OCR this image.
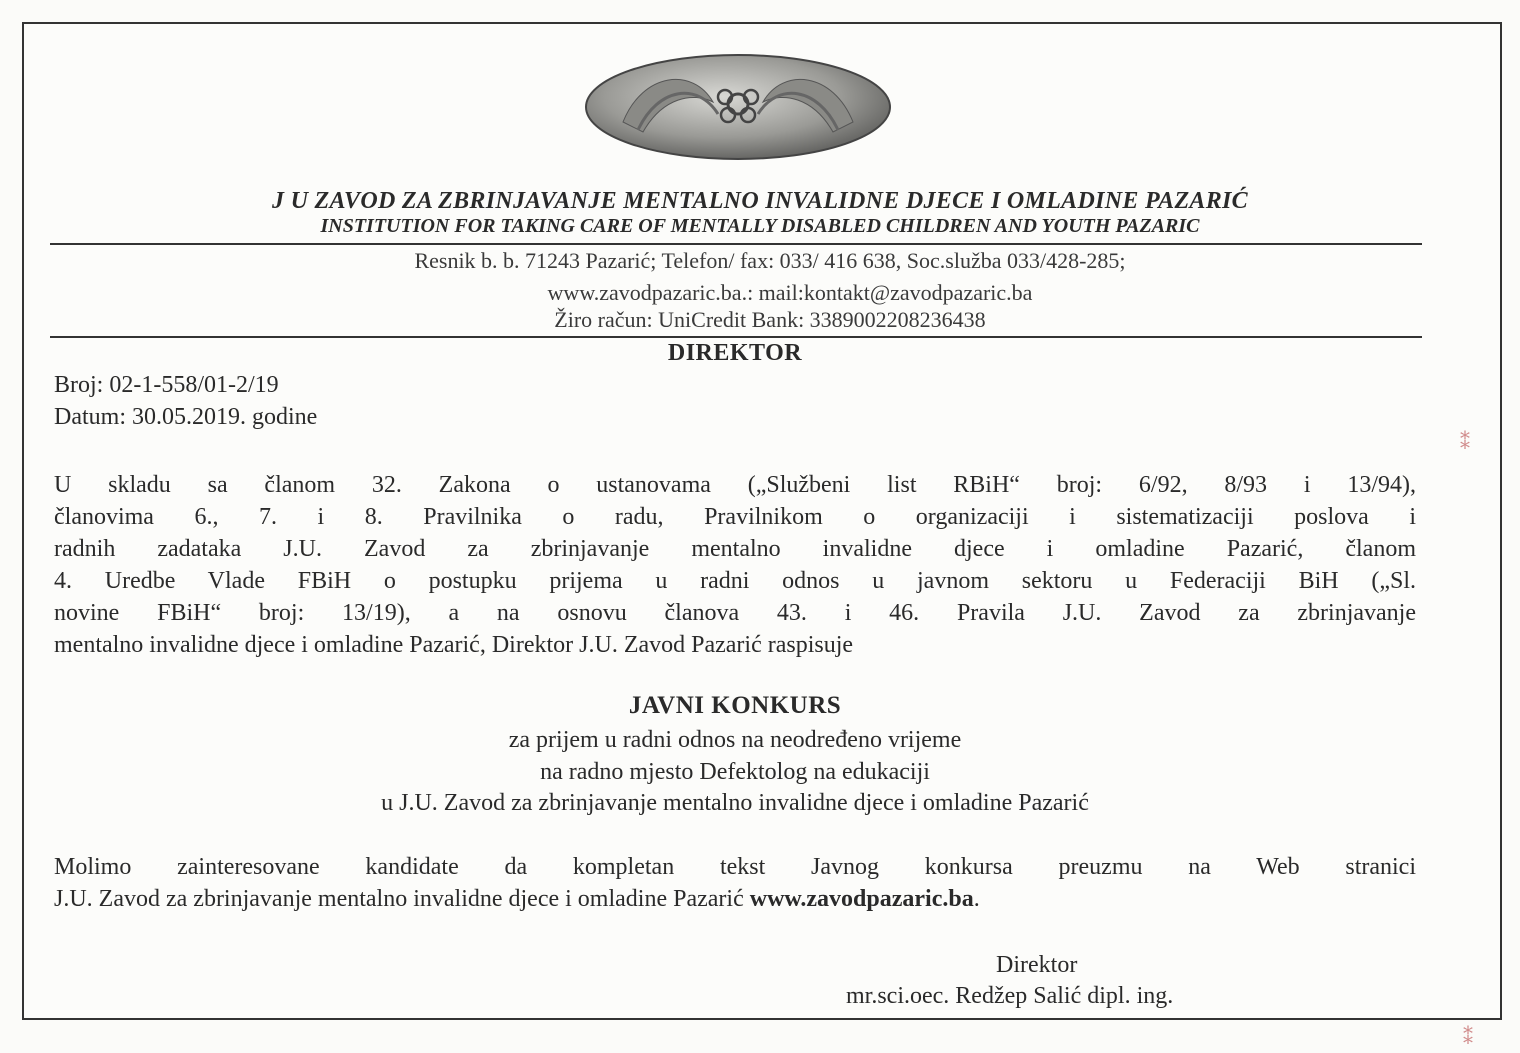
J U ZAVOD ZA ZBRINJAVANJE MENTALNO INVALIDNE DJECE I OMLADINE PAZARIĆ
INSTITUTION FOR TAKING CARE OF MENTALLY DISABLED CHILDREN AND YOUTH PAZARIC
Resnik b. b. 71243 Pazarić; Telefon/ fax: 033/ 416 638, Soc.služba 033/428-285;
www.zavodpazaric.ba.: mail:kontakt@zavodpazaric.ba
Žiro račun: UniCredit Bank: 3389002208236438
DIREKTOR
Broj: 02-1-558/01-2/19
Datum: 30.05.2019. godine
U skladu sa članom 32. Zakona o ustanovama („Službeni list RBiH“ broj: 6/92, 8/93 i 13/94),
članovima 6., 7. i 8. Pravilnika o radu, Pravilnikom o organizaciji i sistematizaciji poslova i
radnih zadataka J.U. Zavod za zbrinjavanje mentalno invalidne djece i omladine Pazarić, članom
4. Uredbe Vlade FBiH o postupku prijema u radni odnos u javnom sektoru u Federaciji BiH („Sl.
novine FBiH“ broj: 13/19), a na osnovu članova 43. i 46. Pravila J.U. Zavod za zbrinjavanje
mentalno invalidne djece i omladine Pazarić, Direktor J.U. Zavod Pazarić raspisuje
JAVNI KONKURS
za prijem u radni odnos na neodređeno vrijeme
na radno mjesto Defektolog na edukaciji
u J.U. Zavod za zbrinjavanje mentalno invalidne djece i omladine Pazarić
Molimo zainteresovane kandidate da kompletan tekst Javnog konkursa preuzmu na Web stranici
J.U. Zavod za zbrinjavanje mentalno invalidne djece i omladine Pazarić www.zavodpazaric.ba.
Direktor
mr.sci.oec. Redžep Salić dipl. ing.
⁑
⁑
